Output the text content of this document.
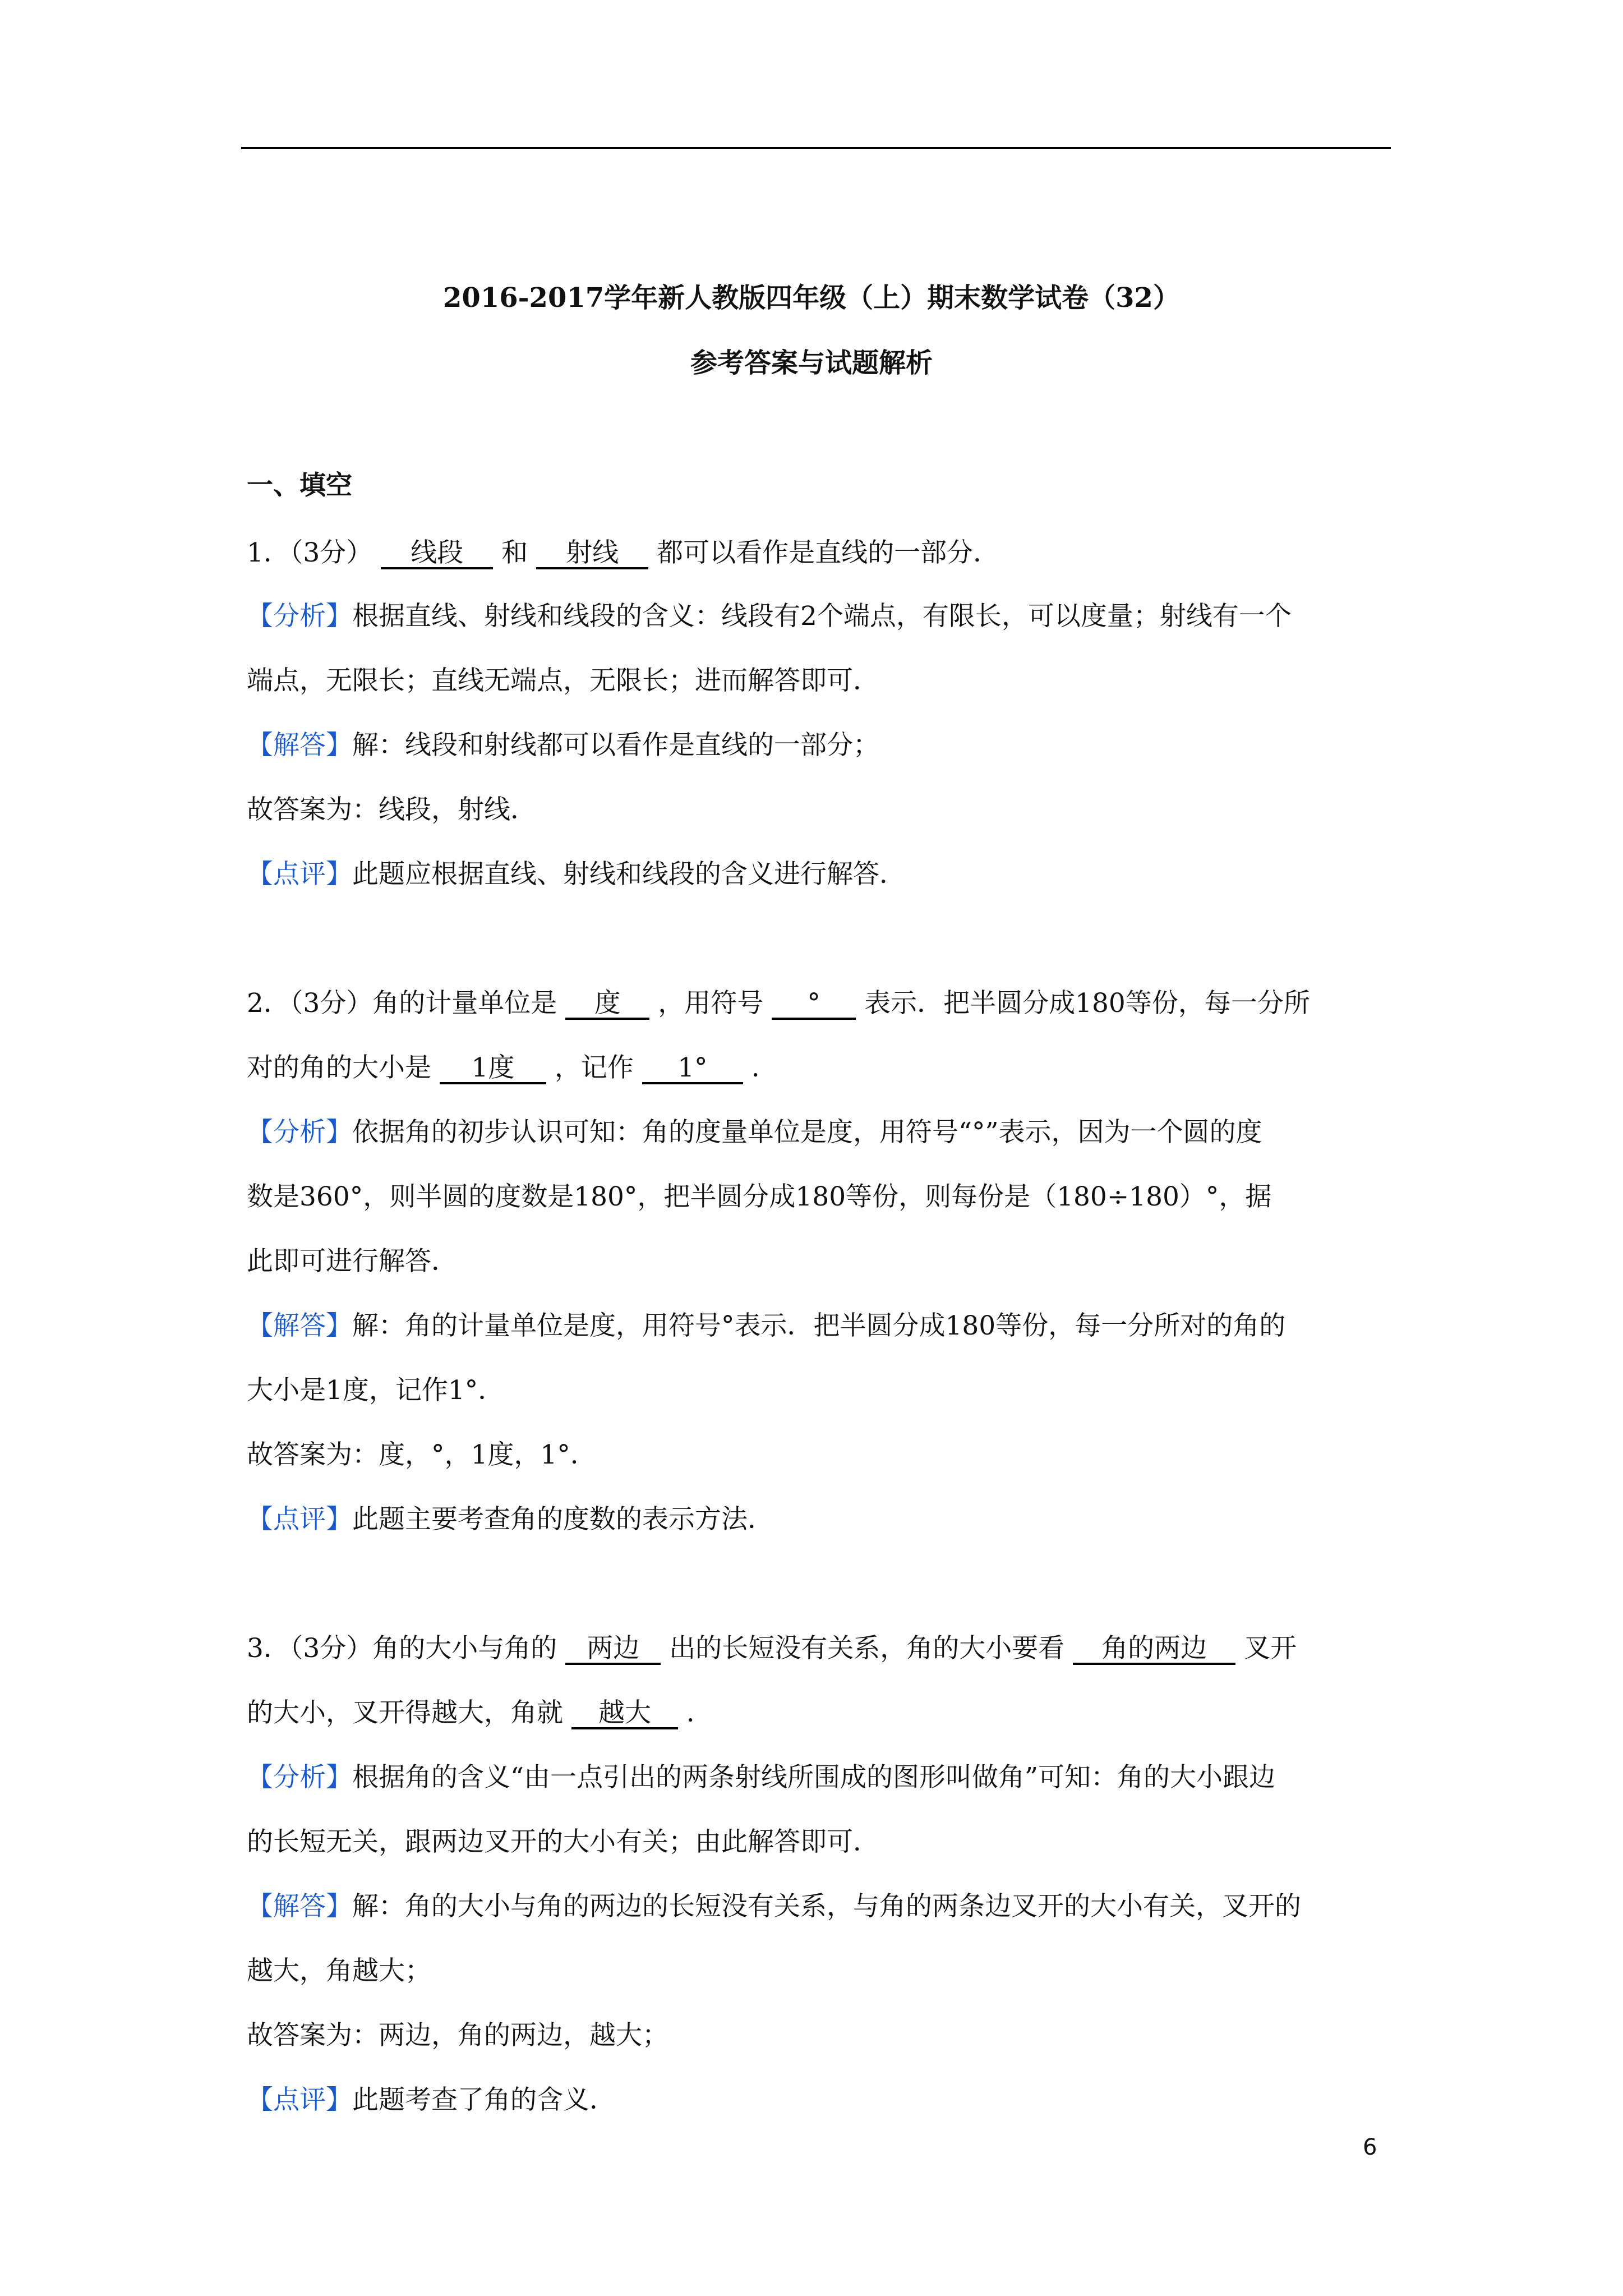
2016-2017学年新人教版四年级（上）期末数学试卷（32）
参考答案与试题解析
一、填空
1．（3分） 线段 和 射线 都可以看作是直线的一部分．
【分析】根据直线、射线和线段的含义：线段有2个端点，有限长，可以度量；射线有一个
端点，无限长；直线无端点，无限长；进而解答即可．
【解答】解：线段和射线都可以看作是直线的一部分；
故答案为：线段，射线．
【点评】此题应根据直线、射线和线段的含义进行解答．
2．（3分）角的计量单位是 度 ，用符号 ° 表示．把半圆分成180等份，每一分所
对的角的大小是 1度 ，记作 1° ．
【分析】依据角的初步认识可知：角的度量单位是度，用符号“°”表示，因为一个圆的度
数是360°，则半圆的度数是180°，把半圆分成180等份，则每份是（180÷180）°，据
此即可进行解答．
【解答】解：角的计量单位是度，用符号°表示．把半圆分成180等份，每一分所对的角的
大小是1度，记作1°．
故答案为：度，°，1度，1°．
【点评】此题主要考查角的度数的表示方法．
3．（3分）角的大小与角的 两边 出的长短没有关系，角的大小要看 角的两边 叉开
的大小，叉开得越大，角就 越大 ．
【分析】根据角的含义“由一点引出的两条射线所围成的图形叫做角”可知：角的大小跟边
的长短无关，跟两边叉开的大小有关；由此解答即可．
【解答】解：角的大小与角的两边的长短没有关系，与角的两条边叉开的大小有关，叉开的
越大，角越大；
故答案为：两边，角的两边，越大；
【点评】此题考查了角的含义．
6
